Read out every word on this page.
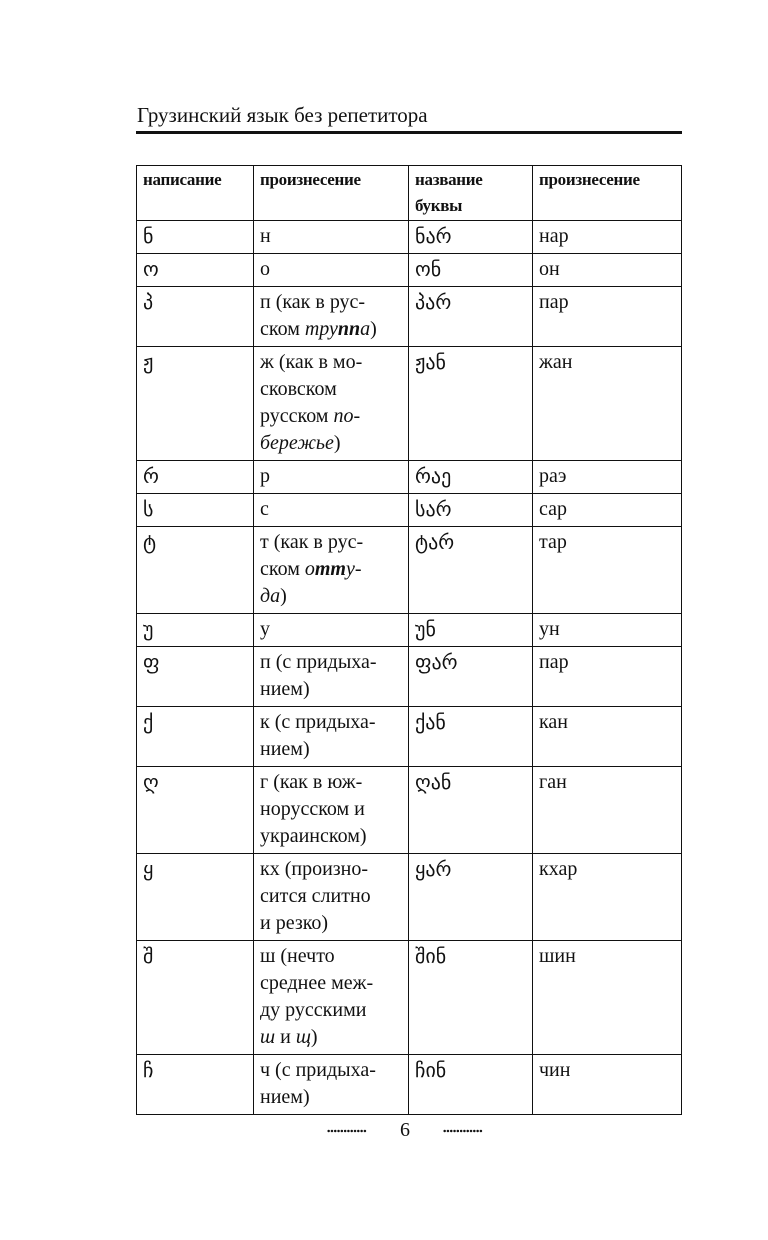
Грузинский язык без репетитора
написание	произнесение	название буквы	произнесение
ნ	н	ნარ	нар
ო	о	ონ	он
პ	п (как в рус-
ском труппа)	პარ	пар
ჟ	ж (как в мо-
сковском
русском по-
бережье)	ჟან	жан
რ	р	რაე	раэ
ს	с	სარ	сар
ტ	т (как в рус-
ском отту-
да)	ტარ	тар
უ	у	უნ	ун
ფ	п (с придыха-
нием)	ფარ	пар
ქ	к (с придыха-
нием)	ქან	кан
ღ	г (как в юж-
норусском и
украинском)	ღან	ган
ყ	кх (произно-
сится слитно
и резко)	ყარ	кхар
შ	ш (нечто
среднее меж-
ду русскими
ш и щ)	შინ	шин
ჩ	ч (с придыха-
нием)	ჩინ	чин
6
